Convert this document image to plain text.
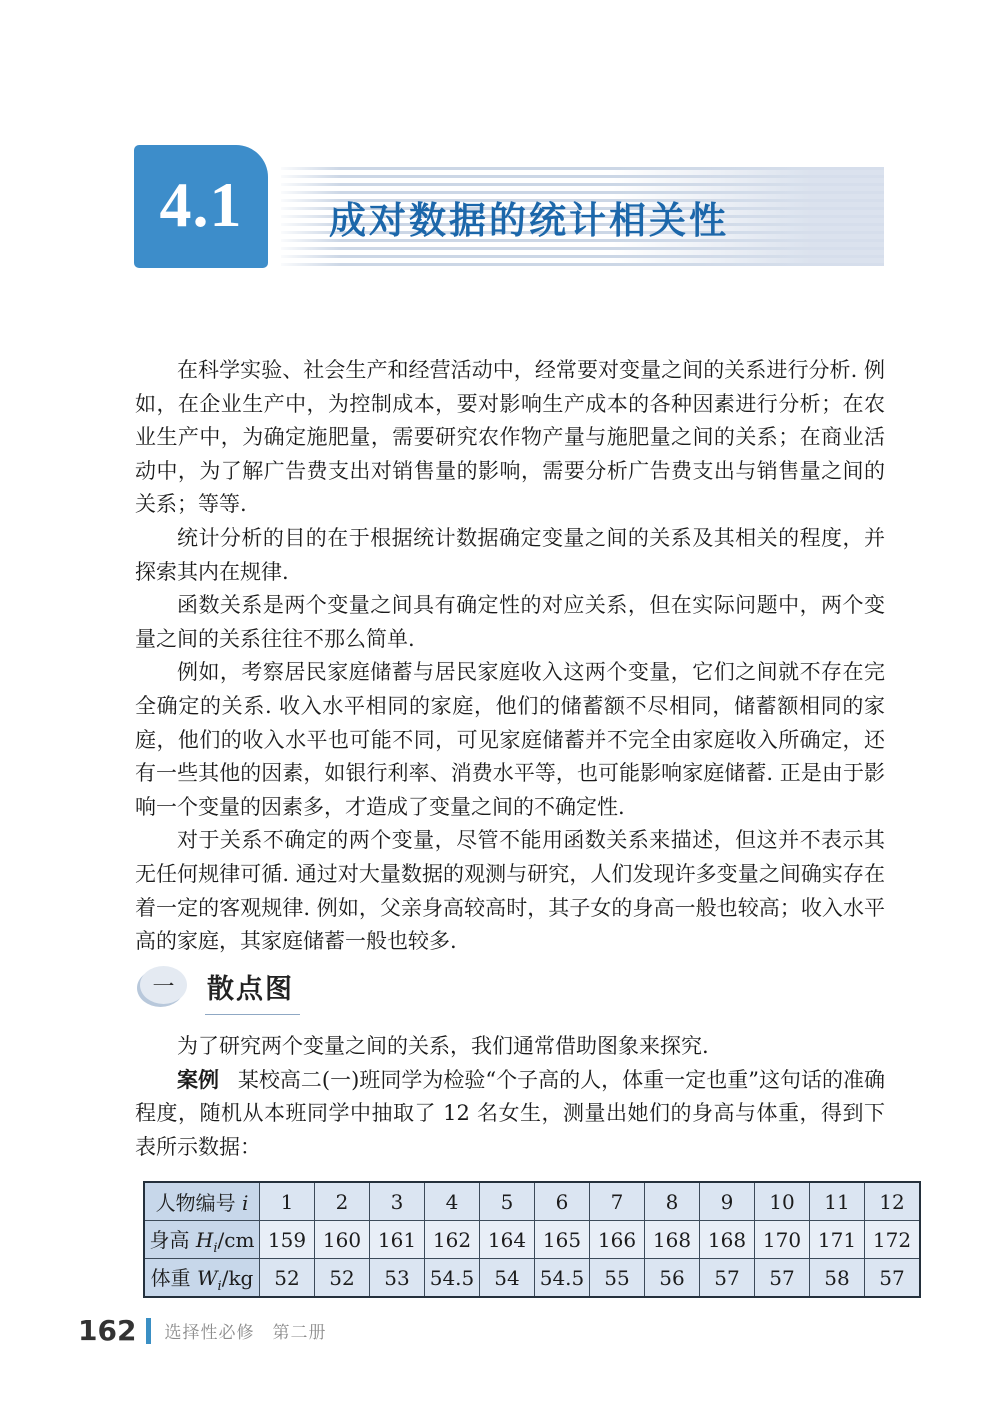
4.1 成对数据的统计相关性

在科学实验、社会生产和经营活动中，经常要对变量之间的关系进行分析. 例如，在企业生产中，为控制成本，要对影响生产成本的各种因素进行分析；在农业生产中，为确定施肥量，需要研究农作物产量与施肥量之间的关系；在商业活动中，为了解广告费支出对销售量的影响，需要分析广告费支出与销售量之间的关系；等等.

统计分析的目的在于根据统计数据确定变量之间的关系及其相关的程度，并探索其内在规律.

函数关系是两个变量之间具有确定性的对应关系，但在实际问题中，两个变量之间的关系往往不那么简单.

例如，考察居民家庭储蓄与居民家庭收入这两个变量，它们之间就不存在完全确定的关系. 收入水平相同的家庭，他们的储蓄额不尽相同，储蓄额相同的家庭，他们的收入水平也可能不同，可见家庭储蓄并不完全由家庭收入所确定，还有一些其他的因素，如银行利率、消费水平等，也可能影响家庭储蓄. 正是由于影响一个变量的因素多，才造成了变量之间的不确定性.

对于关系不确定的两个变量，尽管不能用函数关系来描述，但这并不表示其无任何规律可循. 通过对大量数据的观测与研究，人们发现许多变量之间确实存在着一定的客观规律. 例如，父亲身高较高时，其子女的身高一般也较高；收入水平高的家庭，其家庭储蓄一般也较多.

一	散点图

为了研究两个变量之间的关系，我们通常借助图象来探究.

案例 某校高二(一)班同学为检验“个子高的人，体重一定也重”这句话的准确程度，随机从本班同学中抽取了 12 名女生，测量出她们的身高与体重，得到下表所示数据：

人物编号 i	1	2	3	4	5	6	7	8	9	10	11	12
身高 $H_i/cm$	159	160	161	162	164	165	166	168	168	170	171	172
体重 $W_i/kg$	52	52	53	54.5	54	54.5	55	56	57	57	58	57
162 选择性必修　第二册
